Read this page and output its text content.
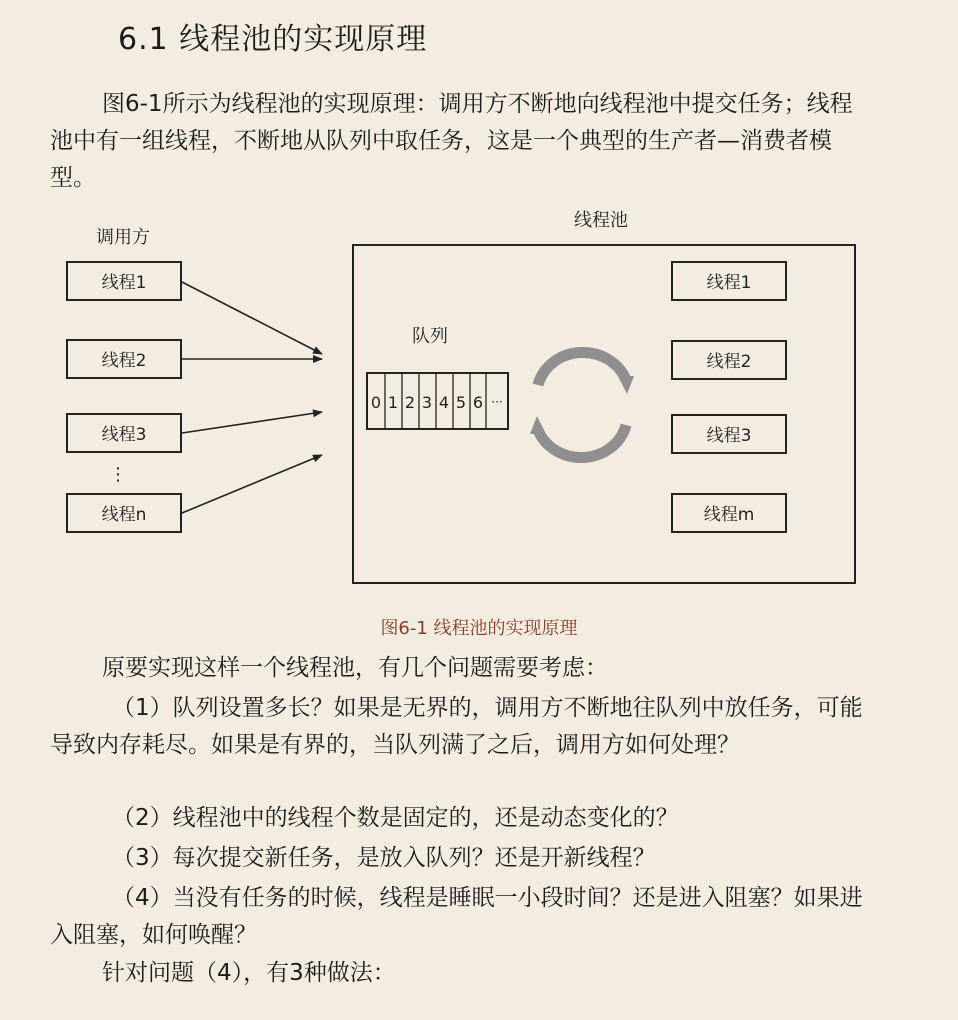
6.1 线程池的实现原理

图6-1所示为线程池的实现原理：调用方不断地向线程池中提交任务；线程池中有一组线程，不断地从队列中取任务，这是一个典型的生产者—消费者模型。

调用方
线程1
线程2
线程3
⋮
线程n
线程池
队列
0 1 2 3 4 5 6 ···
线程1
线程2
线程3
线程m
图6-1 线程池的实现原理

原要实现这样一个线程池，有几个问题需要考虑：

（1）队列设置多长？如果是无界的，调用方不断地往队列中放任务，可能导致内存耗尽。如果是有界的，当队列满了之后，调用方如何处理？

（2）线程池中的线程个数是固定的，还是动态变化的？

（3）每次提交新任务，是放入队列？还是开新线程？

（4）当没有任务的时候，线程是睡眠一小段时间？还是进入阻塞？如果进入阻塞，如何唤醒？

针对问题（4），有3种做法：
